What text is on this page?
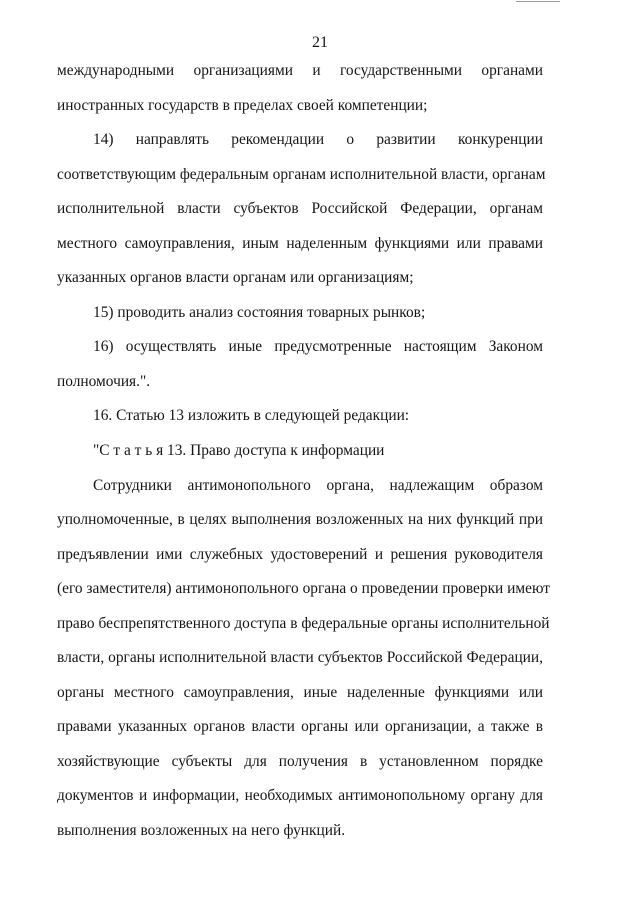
21
международными организациями и государственными органами
иностранных государств в пределах своей компетенции;
14) направлять рекомендации о развитии конкуренции
соответствующим федеральным органам исполнительной власти, органам
исполнительной власти субъектов Российской Федерации, органам
местного самоуправления, иным наделенным функциями или правами
указанных органов власти органам или организациям;
15) проводить анализ состояния товарных рынков;
16) осуществлять иные предусмотренные настоящим Законом
полномочия.".
16. Статью 13 изложить в следующей редакции:
"С т а т ь я 13. Право доступа к информации
Сотрудники антимонопольного органа, надлежащим образом
уполномоченные, в целях выполнения возложенных на них функций при
предъявлении ими служебных удостоверений и решения руководителя
(его заместителя) антимонопольного органа о проведении проверки имеют
право беспрепятственного доступа в федеральные органы исполнительной
власти, органы исполнительной власти субъектов Российской Федерации,
органы местного самоуправления, иные наделенные функциями или
правами указанных органов власти органы или организации, а также в
хозяйствующие субъекты для получения в установленном порядке
документов и информации, необходимых антимонопольному органу для
выполнения возложенных на него функций.
